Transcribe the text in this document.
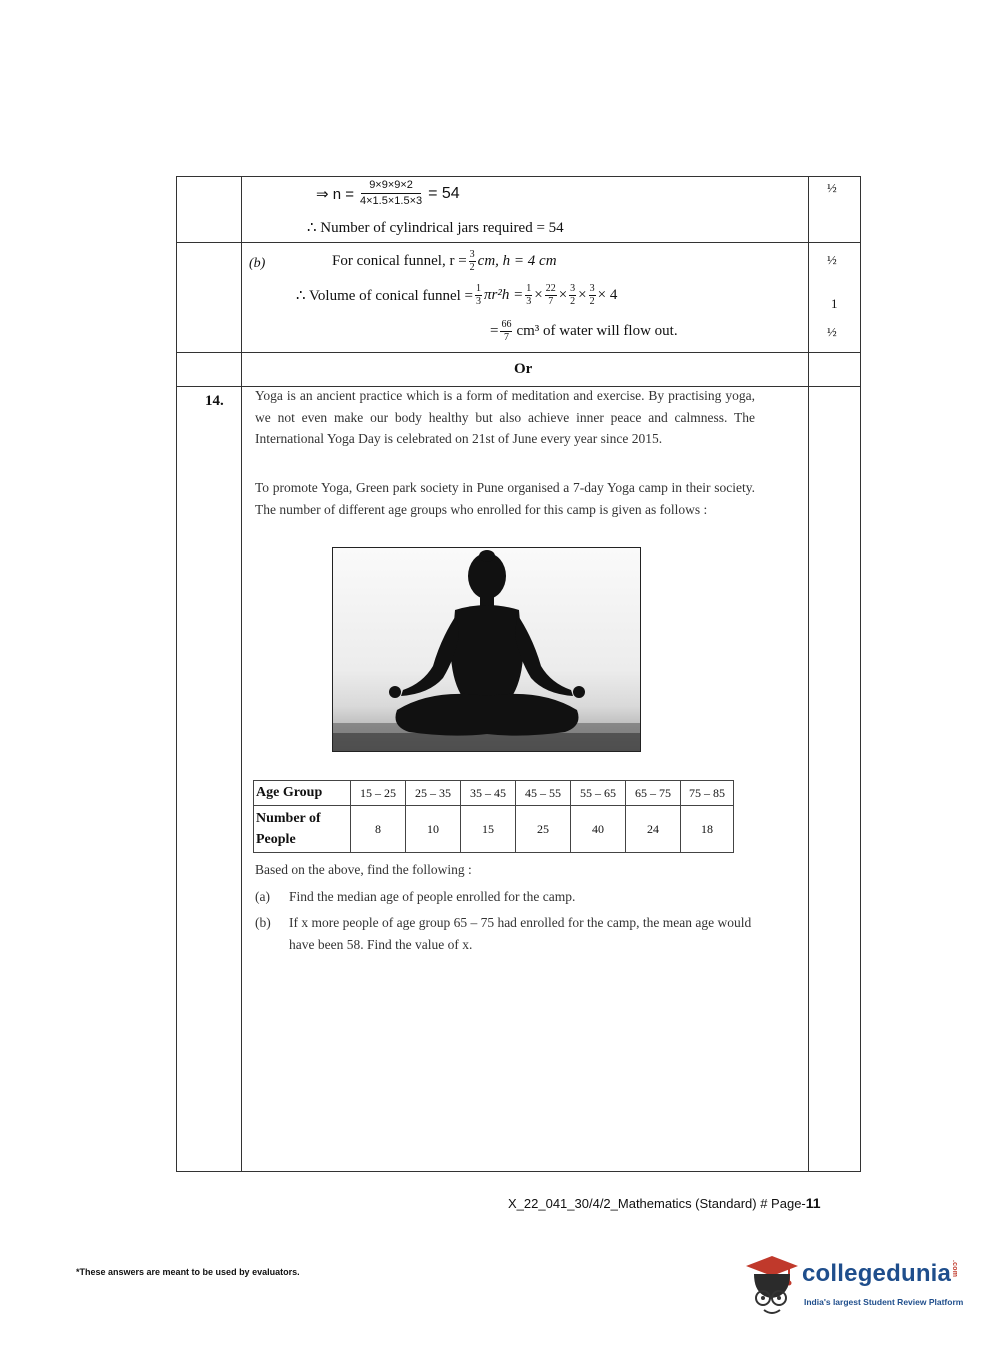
⇒ $n = \frac{9\times 9\times 9\times 2}{4\times 1.5\times 1.5\times 3} = 54$
∴ Number of cylindrical jars required = 54
½
(b)	For conical funnel, $r = \frac{3}{2}$ cm, h = 4 cm
∴ Volume of conical funnel = $\frac{1}{3} \pi r^2h = \frac{1}{3} \times \frac{22}{7} \times \frac{3}{2} \times \frac{3}{2} \times 4$
= $\frac{66}{7} cm^3$ of water will flow out.
½
1
½
Or
14. Yoga is an ancient practice which is a form of meditation and exercise. By practising yoga, we not even make our body healthy but also achieve inner peace and calmness. The International Yoga Day is celebrated on 21st of June every year since 2015.
To promote Yoga, Green park society in Pune organised a 7-day Yoga camp in their society. The number of different age groups who enrolled for this camp is given as follows :
Age Group	15 – 25	25 – 35	35 – 45	45 – 55	55 – 65	65 – 75	75 – 85
Number of People	8	10	15	25	40	24	18
Based on the above, find the following :
(a) Find the median age of people enrolled for the camp.
(b) If x more people of age group 65 – 75 had enrolled for the camp, the mean age would have been 58. Find the value of x.
X_22_041_30/4/2_Mathematics (Standard) # Page-11
*These answers are meant to be used by evaluators.	collegedunia.com
India's largest Student Review Platform
